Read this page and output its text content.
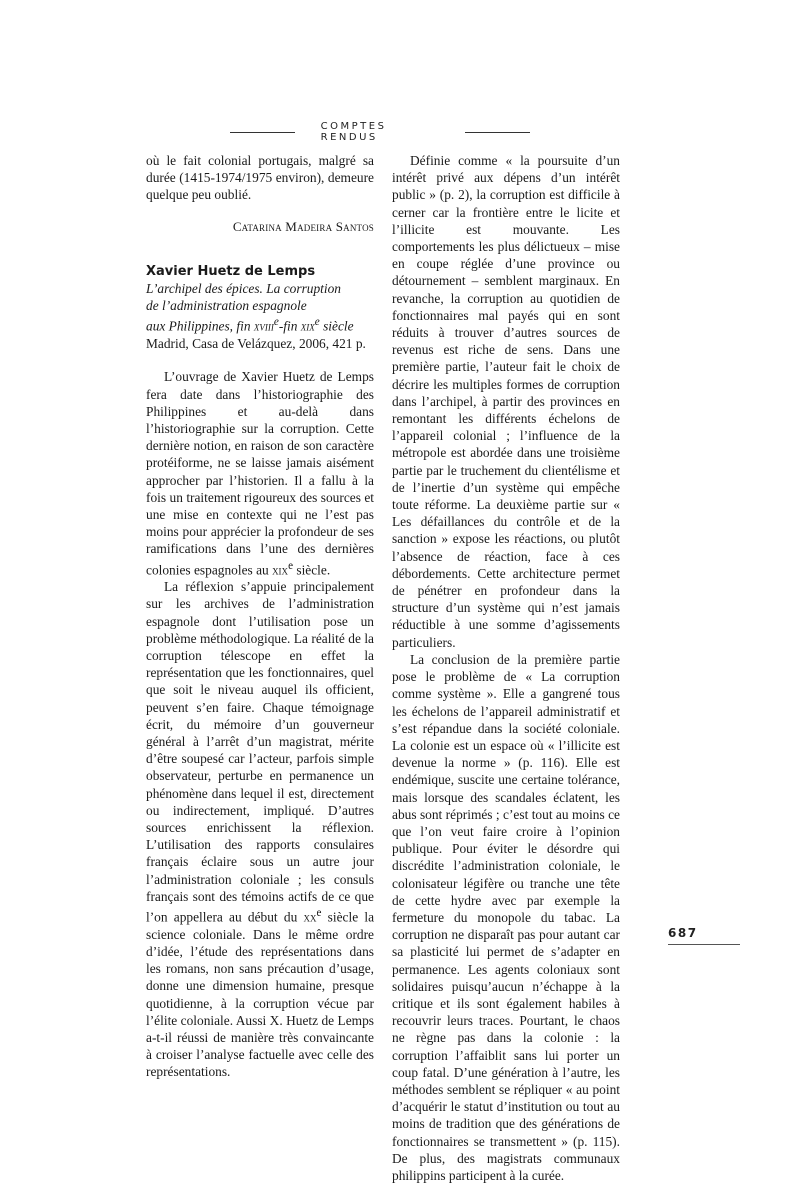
COMPTES RENDUS

où le fait colonial portugais, malgré sa durée (1415-1974/1975 environ), demeure quelque peu oublié.

Catarina Madeira Santos

Xavier Huetz de Lemps

L’archipel des épices. La corruption
de l’administration espagnole
aux Philippines, fin xviii$^e$-fin xix$^e$ siècle

Madrid, Casa de Velázquez, 2006, 421 p.

L’ouvrage de Xavier Huetz de Lemps fera date dans l’historiographie des Philippines et au-delà dans l’historiographie sur la corruption. Cette dernière notion, en raison de son caractère protéiforme, ne se laisse jamais aisément approcher par l’historien. Il a fallu à la fois un traitement rigoureux des sources et une mise en contexte qui ne l’est pas moins pour apprécier la profondeur de ses ramifications dans l’une des dernières colonies espagnoles au xix$^e$ siècle.

La réflexion s’appuie principalement sur les archives de l’administration espagnole dont l’utilisation pose un problème méthodologique. La réalité de la corruption télescope en effet la représentation que les fonctionnaires, quel que soit le niveau auquel ils officient, peuvent s’en faire. Chaque témoignage écrit, du mémoire d’un gouverneur général à l’arrêt d’un magistrat, mérite d’être soupesé car l’acteur, parfois simple observateur, perturbe en permanence un phénomène dans lequel il est, directement ou indirectement, impliqué. D’autres sources enrichissent la réflexion. L’utilisation des rapports consulaires français éclaire sous un autre jour l’administration coloniale ; les consuls français sont des témoins actifs de ce que l’on appellera au début du $xx^e$ siècle la science coloniale. Dans le même ordre d’idée, l’étude des représentations dans les romans, non sans précaution d’usage, donne une dimension humaine, presque quotidienne, à la corruption vécue par l’élite coloniale. Aussi X. Huetz de Lemps a-t-il réussi de manière très convaincante à croiser l’analyse factuelle avec celle des représentations.

Définie comme « la poursuite d’un intérêt privé aux dépens d’un intérêt public » (p. 2), la corruption est difficile à cerner car la frontière entre le licite et l’illicite est mouvante. Les comportements les plus délictueux – mise en coupe réglée d’une province ou détournement – semblent marginaux. En revanche, la corruption au quotidien de fonctionnaires mal payés qui en sont réduits à trouver d’autres sources de revenus est riche de sens. Dans une première partie, l’auteur fait le choix de décrire les multiples formes de corruption dans l’archipel, à partir des provinces en remontant les différents échelons de l’appareil colonial ; l’influence de la métropole est abordée dans une troisième partie par le truchement du clientélisme et de l’inertie d’un système qui empêche toute réforme. La deuxième partie sur « Les défaillances du contrôle et de la sanction » expose les réactions, ou plutôt l’absence de réaction, face à ces débordements. Cette architecture permet de pénétrer en profondeur dans la structure d’un système qui n’est jamais réductible à une somme d’agissements particuliers.

La conclusion de la première partie pose le problème de « La corruption comme système ». Elle a gangrené tous les échelons de l’appareil administratif et s’est répandue dans la société coloniale. La colonie est un espace où « l’illicite est devenue la norme » (p. 116). Elle est endémique, suscite une certaine tolérance, mais lorsque des scandales éclatent, les abus sont réprimés ; c’est tout au moins ce que l’on veut faire croire à l’opinion publique. Pour éviter le désordre qui discrédite l’administration coloniale, le colonisateur légifère ou tranche une tête de cette hydre avec par exemple la fermeture du monopole du tabac. La corruption ne disparaît pas pour autant car sa plasticité lui permet de s’adapter en permanence. Les agents coloniaux sont solidaires puisqu’aucun n’échappe à la critique et ils sont également habiles à recouvrir leurs traces. Pourtant, le chaos ne règne pas dans la colonie : la corruption l’affaiblit sans lui porter un coup fatal. D’une génération à l’autre, les méthodes semblent se répliquer « au point d’acquérir le statut d’institution ou tout au moins de tradition que des générations de fonctionnaires se transmettent » (p. 115). De plus, des magistrats communaux philippins participent à la curée.

687
